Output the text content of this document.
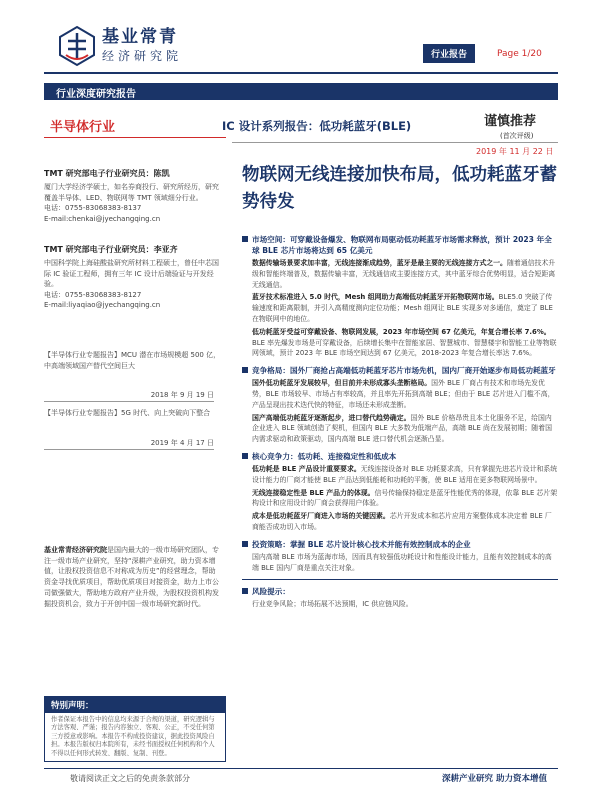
基业常青
经济研究院	行业报告	Page 1/20
行业深度研究报告
半导体行业	IC 设计系列报告：低功耗蓝牙(BLE)	谨慎推荐
(首次评级)
2019 年 11 月 22 日
物联网无线连接加快布局，低功耗蓝牙蓄势待发
TMT 研究部电子行业研究员：陈凯
厦门大学经济学硕士，如名券商投行、研究所经历，研究覆盖半导体、LED、物联网等 TMT 领域细分行业。
电话：0755-83068383-8137
E-mail:chenkai@jyechangqing.cn
TMT 研究部电子行业研究员：李亚齐
中国科学院上海硅酸盐研究所材料工程硕士，曾任中芯国际 IC 验证工程师，拥有三年 IC 设计后端验证与开发经验。
电话：0755-83068383-8127
E-mail:liyaqiao@jyechangqing.cn
【半导体行业专题报告】MCU 潜在市场规模超 500 亿，中高端领域国产替代空间巨大
2018 年 9 月 19 日
【半导体行业专题报告】5G 时代、向上突破向下整合
2019 年 4 月 17 日
基业常青经济研究院是国内最大的一级市场研究团队，专注一级市场产业研究，坚持“深耕产业研究，助力资本增值，让股权投资信息不对称成为历史”的经营理念，帮助资金寻找优质项目，帮助优质项目对接资金，助力上市公司做强做大，帮助地方政府产业升级，为股权投资机构发掘投资机会，致力于开创中国一级市场研究新时代。
特别声明：
作者保证本报告中的信息均来源于合规的渠道，研究逻辑与方法客观、严谨；报告内容独立、客观、公正，不受任何第三方授意或影响。本报告不构成投资建议，据此投资风险自担。本报告版权归本院所有，未经书面授权任何机构和个人不得以任何形式转发、翻版、复制、刊登。
市场空间：可穿戴设备爆发、物联网布局驱动低功耗蓝牙市场需求释放，预计 2023 年全球 BLE 芯片市场将达到 65 亿美元
数据传输场景要求加丰富，无线连接渐成趋势，蓝牙是最主要的无线连接方式之一。随着通信技术升级和智能终端普及，数据传输丰富，无线通信成主要连接方式，其中蓝牙综合优势明显，适合短距离无线通信。
蓝牙技术标准进入 5.0 时代，Mesh 组网助力高端低功耗蓝牙开拓物联网市场。BLE5.0 突破了传输速度和距离限制，并引入高精度测向定位功能；Mesh 组网让 BLE 实现多对多通信，奠定了 BLE 在物联网中的地位。
低功耗蓝牙受益可穿戴设备、物联网发展，2023 年市场空间 67 亿美元，年复合增长率 7.6%。BLE 率先爆发市场是可穿戴设备，后续增长集中在智能家居、智慧城市、智慧楼宇和智能工业等物联网领域，预计 2023 年 BLE 市场空间达到 67 亿美元，2018-2023 年复合增长率达 7.6%。
竞争格局：国外厂商抢占高端低功耗蓝牙芯片市场先机，国内厂商开始逐步布局低功耗蓝牙
国外低功耗蓝牙发展较早，但目前并未形成寡头垄断格局。国外 BLE 厂商占有技术和市场先发优势，BLE 市场较早、市场占有率较高，并且率先开拓到高端 BLE；但由于 BLE 芯片进入门槛不高，产品呈现出技术迭代快的特征，市场还未形成垄断。
国产高端低功耗蓝牙逐渐起步，进口替代趋势确定。国外 BLE 价格昂贵且本土化服务不足，给国内企业进入 BLE 领域创造了契机，但国内 BLE 大多数为低端产品，高端 BLE 尚在发展初期；随着国内需求驱动和政策驱动，国内高端 BLE 进口替代机会逐渐凸显。
核心竞争力：低功耗、连接稳定性和低成本
低功耗是 BLE 产品设计重要要求。无线连接设备对 BLE 功耗要求高，只有掌握先进芯片设计和系统设计能力的厂商才能使 BLE 产品达到低能耗和功耗的平衡，使 BLE 适用在更多物联网场景中。
无线连接稳定性是 BLE 产品力的体现。信号传输保持稳定是蓝牙性能优秀的体现，依靠 BLE 芯片架构设计和应用设计的厂商会获得用户体验。
成本是低功耗蓝牙厂商进入市场的关键因素。芯片开发成本和芯片应用方案整体成本决定着 BLE 厂商能否成功切入市场。
投资策略：掌握 BLE 芯片设计核心技术并能有效控制成本的企业
国内高端 BLE 市场为蓝海市场，因而具有较强低功耗设计和性能设计能力，且能有效控制成本的高端 BLE 国内厂商是重点关注对象。
风险提示：
行业竞争风险；市场拓展不达预期，IC 供应链风险。
敬请阅读正文之后的免责条款部分	深耕产业研究 助力资本增值
